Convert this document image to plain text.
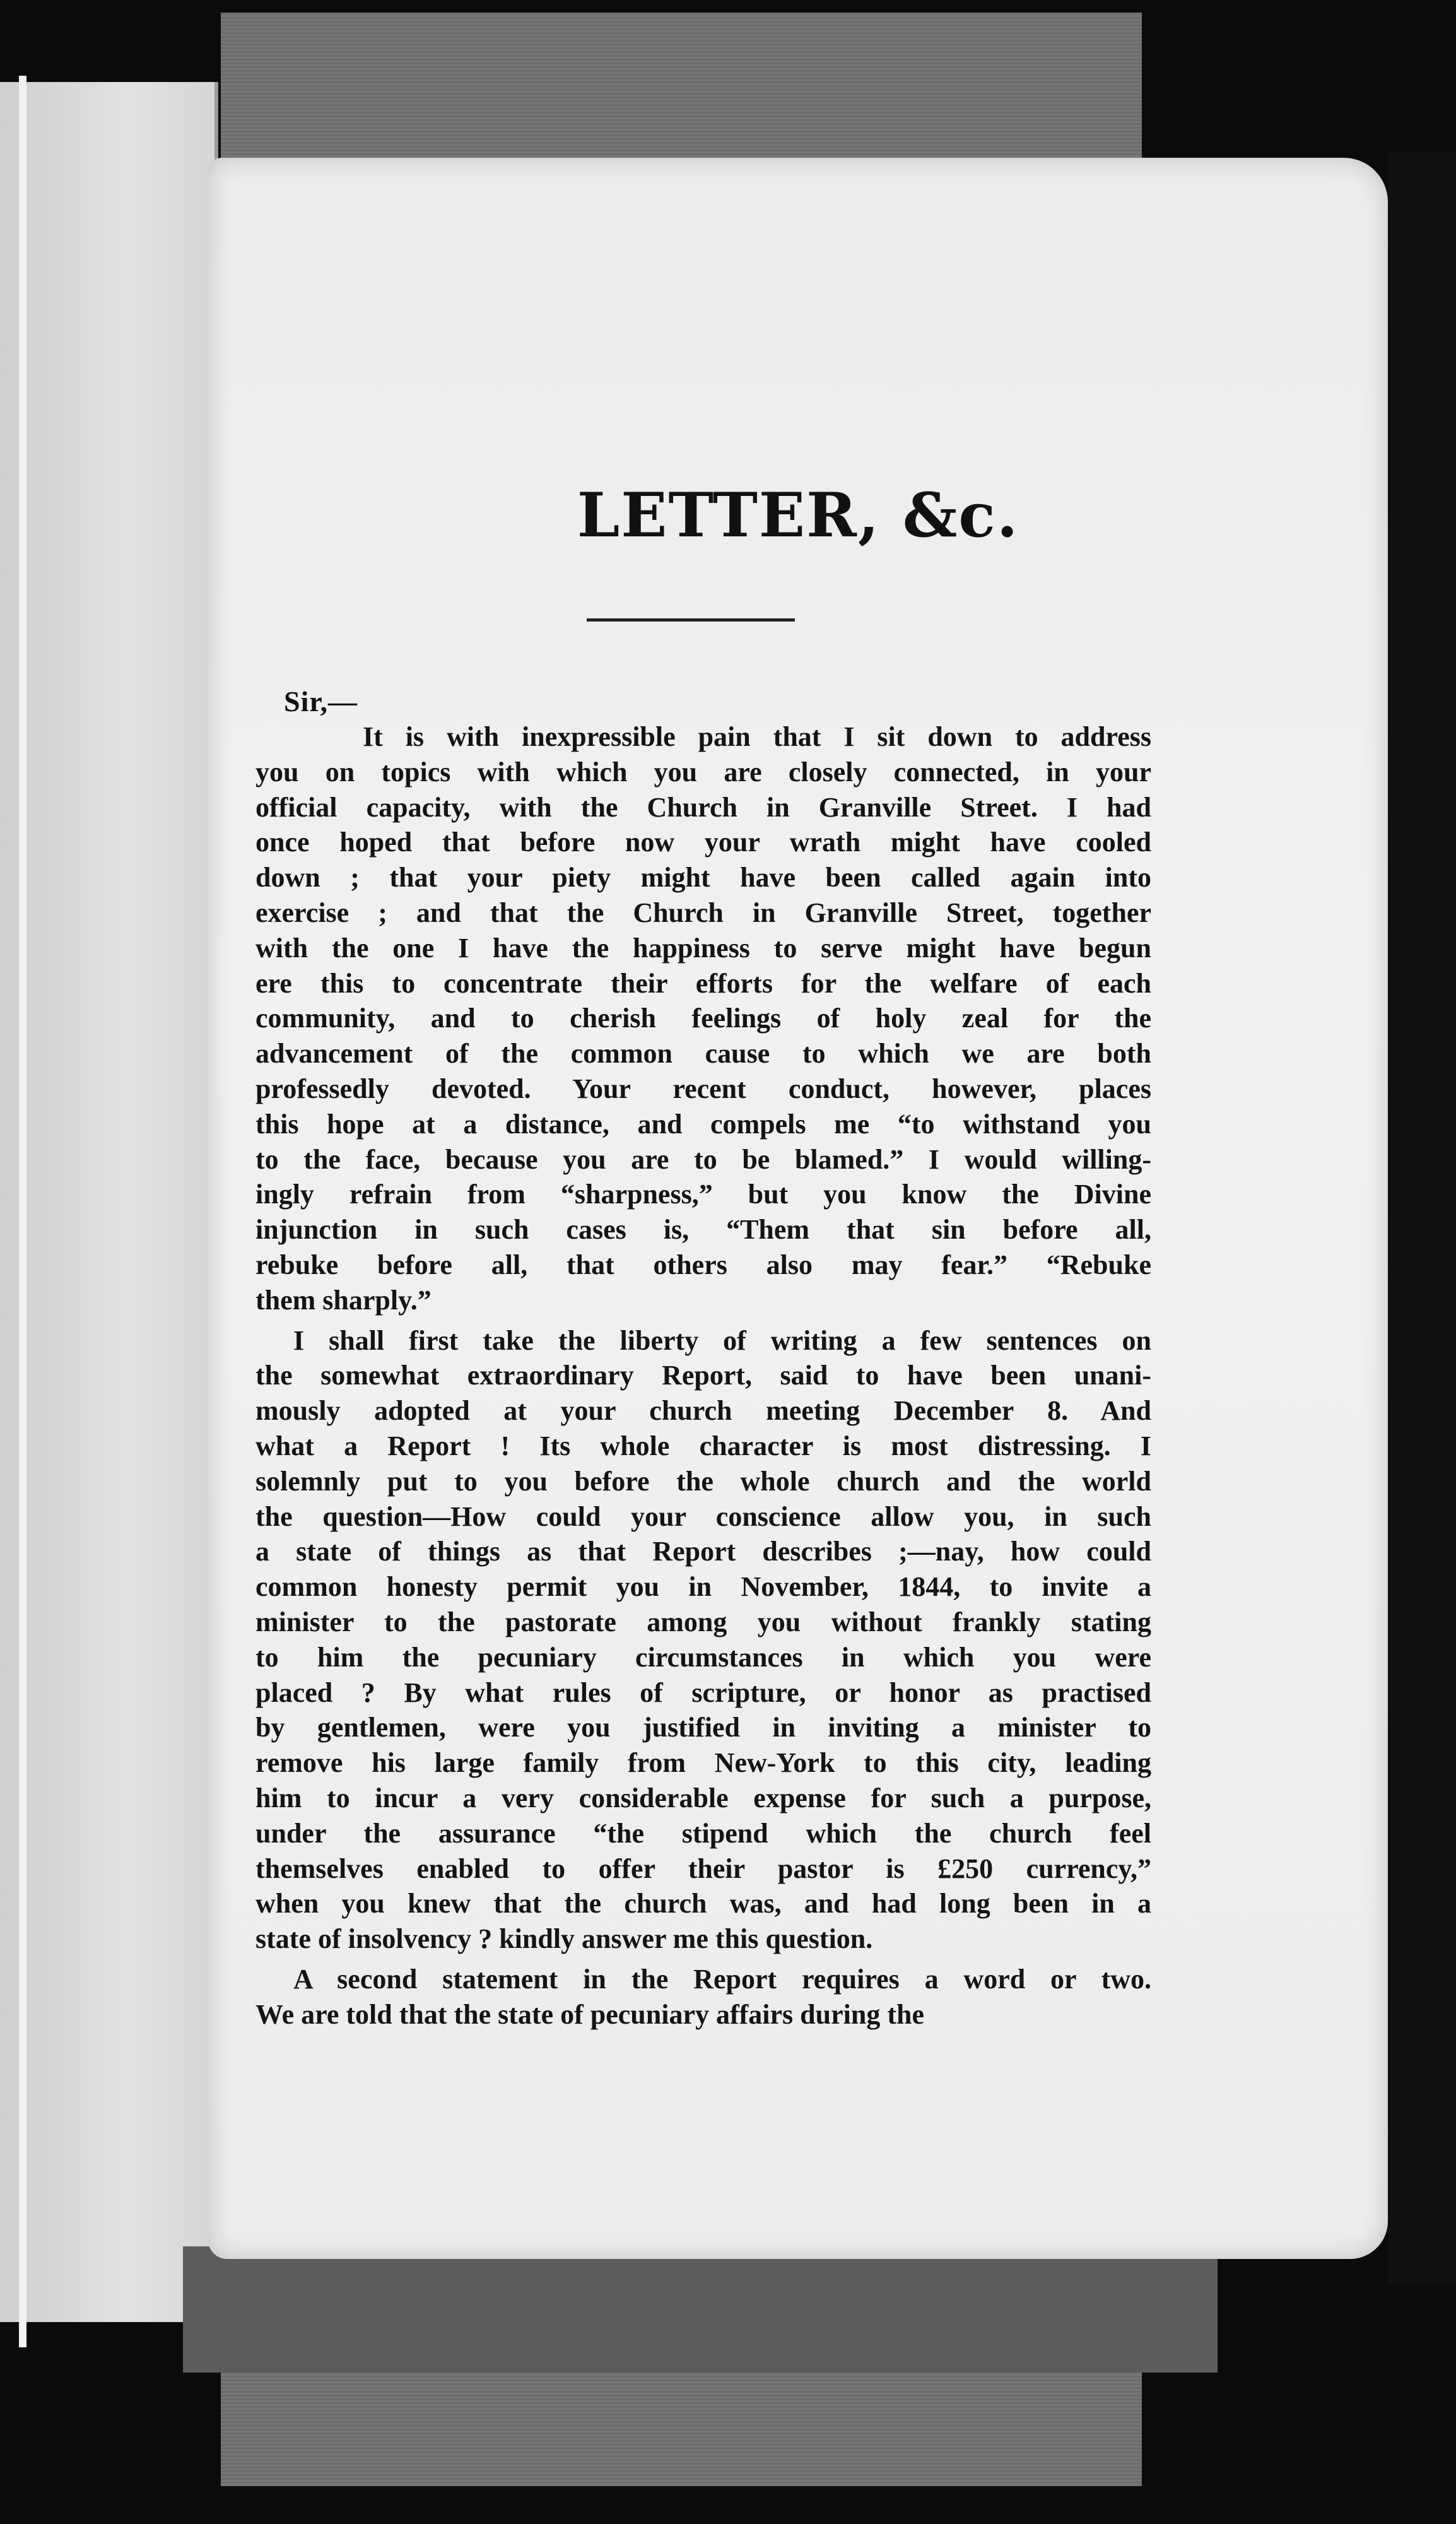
LETTER, &c.
Sir,—
It is with inexpressible pain that I sit down to address
you on topics with which you are closely connected, in your
official capacity, with the Church in Granville Street. I had
once hoped that before now your wrath might have cooled
down ; that your piety might have been called again into
exercise ; and that the Church in Granville Street, together
with the one I have the happiness to serve might have begun
ere this to concentrate their efforts for the welfare of each
community, and to cherish feelings of holy zeal for the
advancement of the common cause to which we are both
professedly devoted. Your recent conduct, however, places
this hope at a distance, and compels me “to withstand you
to the face, because you are to be blamed.” I would willing-
ingly refrain from “sharpness,” but you know the Divine
injunction in such cases is, “Them that sin before all,
rebuke before all, that others also may fear.” “Rebuke
them sharply.”
I shall first take the liberty of writing a few sentences on
the somewhat extraordinary Report, said to have been unani-
mously adopted at your church meeting December 8. And
what a Report ! Its whole character is most distressing. I
solemnly put to you before the whole church and the world
the question—How could your conscience allow you, in such
a state of things as that Report describes ;—nay, how could
common honesty permit you in November, 1844, to invite a
minister to the pastorate among you without frankly stating
to him the pecuniary circumstances in which you were
placed ? By what rules of scripture, or honor as practised
by gentlemen, were you justified in inviting a minister to
remove his large family from New-York to this city, leading
him to incur a very considerable expense for such a purpose,
under the assurance “the stipend which the church feel
themselves enabled to offer their pastor is £250 currency,”
when you knew that the church was, and had long been in a
state of insolvency ? kindly answer me this question.
A second statement in the Report requires a word or two.
We are told that the state of pecuniary affairs during the
